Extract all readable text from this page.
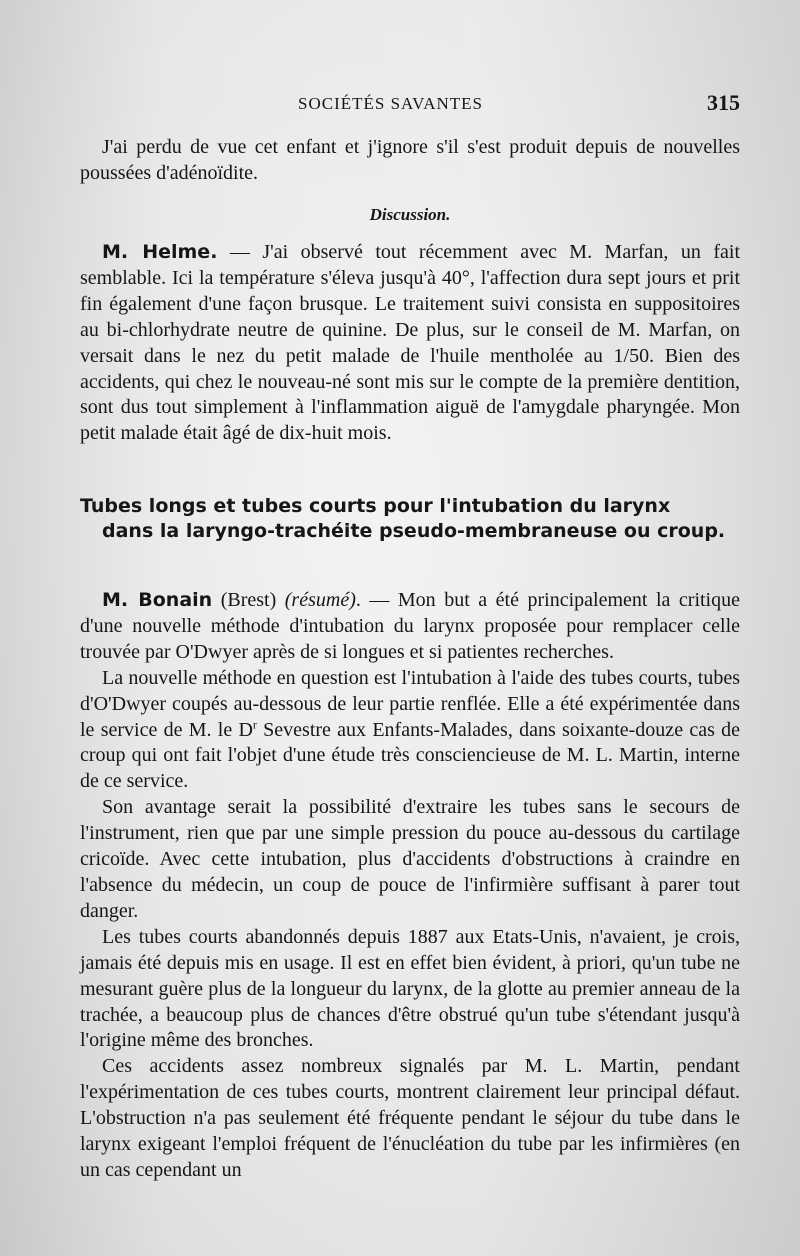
SOCIÉTÉS SAVANTES	315

J'ai perdu de vue cet enfant et j'ignore s'il s'est produit depuis de nouvelles poussées d'adénoïdite.

Discussion.

M. Helme. — J'ai observé tout récemment avec M. Marfan, un fait semblable. Ici la température s'éleva jusqu'à 40°, l'affection dura sept jours et prit fin également d'une façon brusque. Le traitement suivi consista en suppositoires au bi-chlorhydrate neutre de quinine. De plus, sur le conseil de M. Marfan, on versait dans le nez du petit malade de l'huile mentholée au 1/50. Bien des accidents, qui chez le nouveau-né sont mis sur le compte de la première dentition, sont dus tout simplement à l'inflammation aiguë de l'amygdale pharyngée. Mon petit malade était âgé de dix-huit mois.

Tubes longs et tubes courts pour l'intubation du larynx
dans la laryngo-trachéite pseudo-membraneuse ou croup.

M. Bonain (Brest) (résumé). — Mon but a été principalement la critique d'une nouvelle méthode d'intubation du larynx proposée pour remplacer celle trouvée par O'Dwyer après de si longues et si patientes recherches.

La nouvelle méthode en question est l'intubation à l'aide des tubes courts, tubes d'O'Dwyer coupés au-dessous de leur partie renflée. Elle a été expérimentée dans le service de M. le $D^r$ Sevestre aux Enfants-Malades, dans soixante-douze cas de croup qui ont fait l'objet d'une étude très consciencieuse de M. L. Martin, interne de ce service.

Son avantage serait la possibilité d'extraire les tubes sans le secours de l'instrument, rien que par une simple pression du pouce au-dessous du cartilage cricoïde. Avec cette intubation, plus d'accidents d'obstructions à craindre en l'absence du médecin, un coup de pouce de l'infirmière suffisant à parer tout danger.

Les tubes courts abandonnés depuis 1887 aux Etats-Unis, n'avaient, je crois, jamais été depuis mis en usage. Il est en effet bien évident, à priori, qu'un tube ne mesurant guère plus de la longueur du larynx, de la glotte au premier anneau de la trachée, a beaucoup plus de chances d'être obstrué qu'un tube s'étendant jusqu'à l'origine même des bronches.

Ces accidents assez nombreux signalés par M. L. Martin, pendant l'expérimentation de ces tubes courts, montrent clairement leur principal défaut. L'obstruction n'a pas seulement été fréquente pendant le séjour du tube dans le larynx exigeant l'emploi fréquent de l'énucléation du tube par les infirmières (en un cas cependant un
